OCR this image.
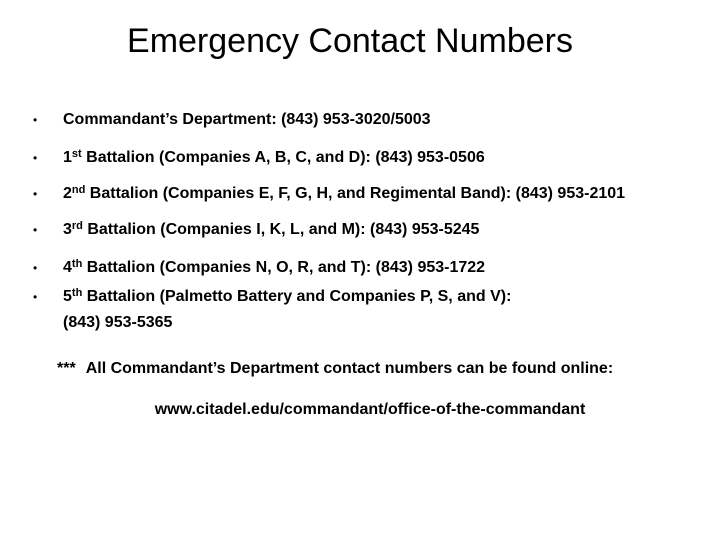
Emergency Contact Numbers
• Commandant’s Department: (843) 953-3020/5003
• 1st Battalion (Companies A, B, C, and D): (843) 953-0506
• 2nd Battalion (Companies E, F, G, H, and Regimental Band): (843) 953-2101
• 3rd Battalion (Companies I, K, L, and M): (843) 953-5245
• 4th Battalion (Companies N, O, R, and T): (843) 953-1722
• 5th Battalion (Palmetto Battery and Companies P, S, and V):
(843) 953-5365
*** All Commandant’s Department contact numbers can be found online:
www.citadel.edu/commandant/office-of-the-commandant
